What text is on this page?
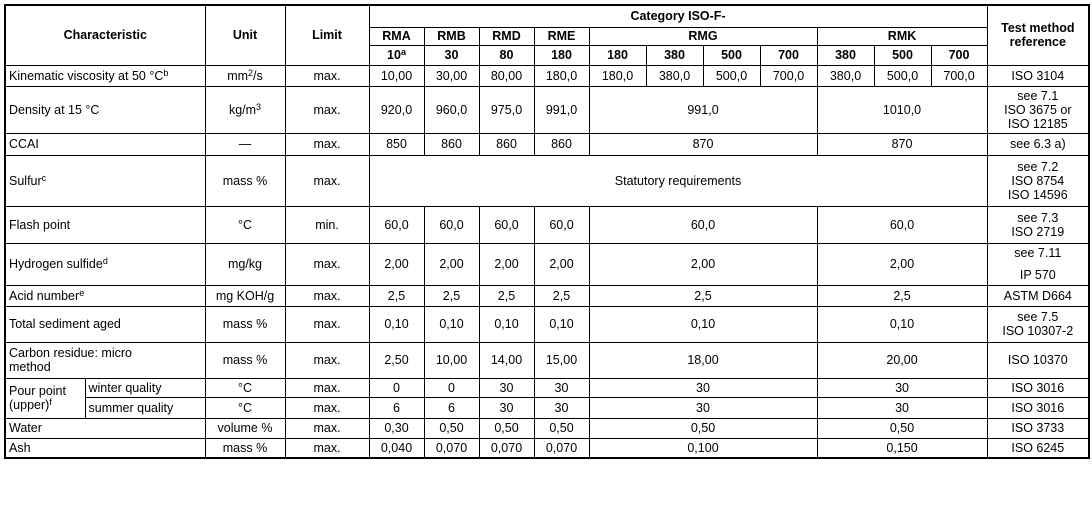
Characteristic		Unit	Limit	Category ISO-F-											Test method reference
				RMA	RMB	RMD	RME	RMG				RMK			
				10$^a$	30	80	180	180	380	500	700	380	500	700	
Kinematic viscosity at 50 $^\circ C^b$		$mm^2/s$	max.	10,00	30,00	80,00	180,0	180,0	380,0	500,0	700,0	380,0	500,0	700,0	ISO 3104
Density at 15 °C		$kg/m^3$	max.	920,0	960,0	975,0	991,0	991,0				1010,0			see 7.1
ISO 3675 or
ISO 12185

CCAI		—	max.	850	860	860	860	870				870			see 6.3 a)
Sulfur$^c$		mass %	max.	Statutory requirements											see 7.2
ISO 8754
ISO 14596

Flash point		°C	min.	60,0	60,0	60,0	60,0	60,0				60,0			see 7.3
ISO 2719

Hydrogen sulfide$^d$		mg/kg	max.	2,00	2,00	2,00	2,00	2,00				2,00			see 7.11
IP 570

Acid number$^e$		mg KOH/g	max.	2,5	2,5	2,5	2,5	2,5				2,5			ASTM D664
Total sediment aged		mass %	max.	0,10	0,10	0,10	0,10	0,10				0,10			see 7.5
ISO 10307-2

Carbon residue: micro
method		mass %	max.	2,50	10,00	14,00	15,00	18,00				20,00			ISO 10370

Pour point
(upper)$^f$	winter quality	°C	max.	0	0	30	30	30				30			ISO 3016
	summer quality	°C	max.	6	6	30	30	30				30			ISO 3016
Water		volume %	max.	0,30	0,50	0,50	0,50	0,50				0,50			ISO 3733
Ash		mass %	max.	0,040	0,070	0,070	0,070	0,100				0,150			ISO 6245
